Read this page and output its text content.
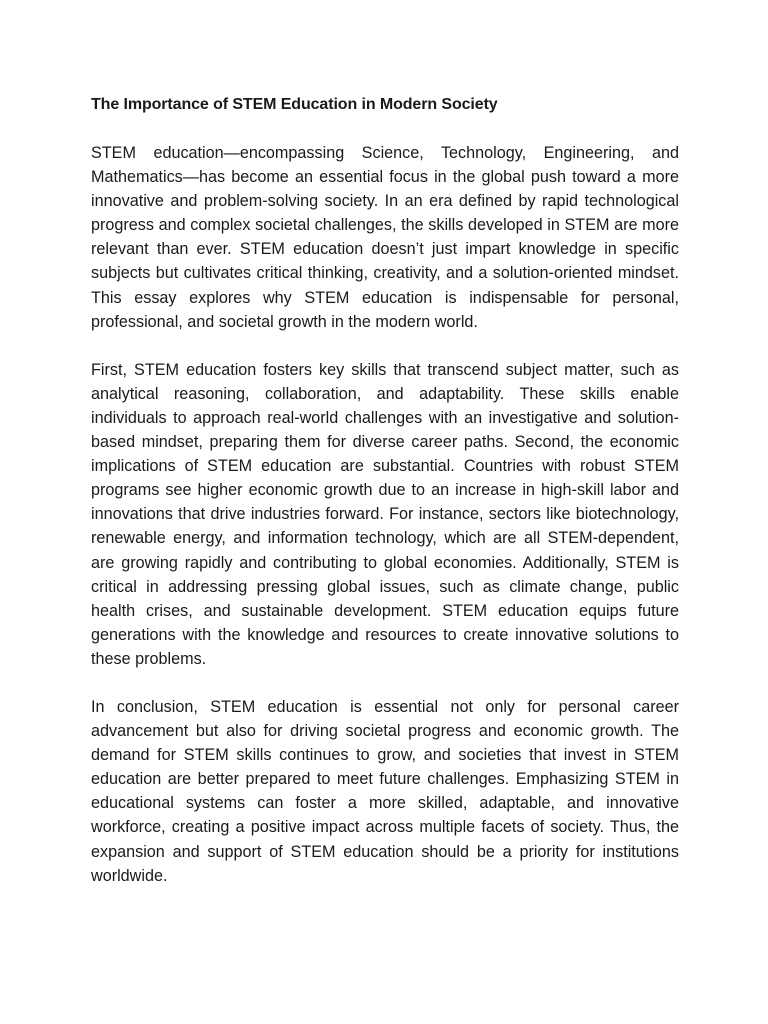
The Importance of STEM Education in Modern Society

STEM education—encompassing Science, Technology, Engineering, and Mathematics—has become an essential focus in the global push toward a more innovative and problem-solving society. In an era defined by rapid technological progress and complex societal challenges, the skills developed in STEM are more relevant than ever. STEM education doesn’t just impart knowledge in specific subjects but cultivates critical thinking, creativity, and a solution-oriented mindset. This essay explores why STEM education is indispensable for personal, professional, and societal growth in the modern world.

First, STEM education fosters key skills that transcend subject matter, such as analytical reasoning, collaboration, and adaptability. These skills enable individuals to approach real-world challenges with an investigative and solution-based mindset, preparing them for diverse career paths. Second, the economic implications of STEM education are substantial. Countries with robust STEM programs see higher economic growth due to an increase in high-skill labor and innovations that drive industries forward. For instance, sectors like biotechnology, renewable energy, and information technology, which are all STEM-dependent, are growing rapidly and contributing to global economies. Additionally, STEM is critical in addressing pressing global issues, such as climate change, public health crises, and sustainable development. STEM education equips future generations with the knowledge and resources to create innovative solutions to these problems.

In conclusion, STEM education is essential not only for personal career advancement but also for driving societal progress and economic growth. The demand for STEM skills continues to grow, and societies that invest in STEM education are better prepared to meet future challenges. Emphasizing STEM in educational systems can foster a more skilled, adaptable, and innovative workforce, creating a positive impact across multiple facets of society. Thus, the expansion and support of STEM education should be a priority for institutions worldwide.
